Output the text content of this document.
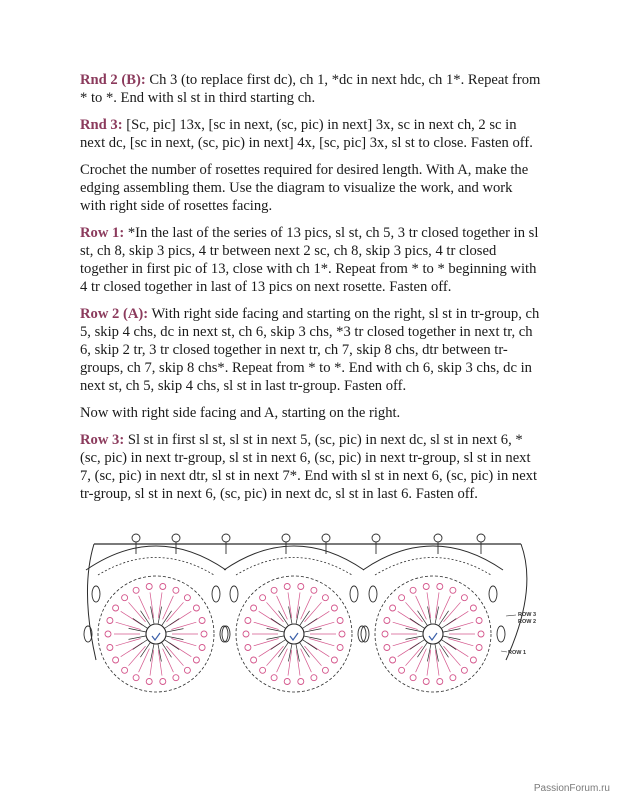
Rnd 2 (B): Ch 3 (to replace first dc), ch 1, *dc in next hdc, ch 1*. Repeat from * to *. End with sl st in third starting ch.

Rnd 3: [Sc, pic] 13x, [sc in next, (sc, pic) in next] 3x, sc in next ch, 2 sc in next dc, [sc in next, (sc, pic) in next] 4x, [sc, pic] 3x, sl st to close. Fasten off.

Crochet the number of rosettes required for desired length. With A, make the edging assembling them. Use the diagram to visualize the work, and work with right side of rosettes facing.

Row 1: *In the last of the series of 13 pics, sl st, ch 5, 3 tr closed together in sl st, ch 8, skip 3 pics, 4 tr between next 2 sc, ch 8, skip 3 pics, 4 tr closed together in first pic of 13, close with ch 1*. Repeat from * to * beginning with 4 tr closed together in last of 13 pics on next rosette. Fasten off.

Row 2 (A): With right side facing and starting on the right, sl st in tr-group, ch 5, skip 4 chs, dc in next st, ch 6, skip 3 chs, *3 tr closed together in next tr, ch 6, skip 2 tr, 3 tr closed together in next tr, ch 7, skip 8 chs, dtr between tr-groups, ch 7, skip 8 chs*. Repeat from * to *. End with ch 6, skip 3 chs, dc in next st, ch 5, skip 4 chs, sl st in last tr-group. Fasten off.

Now with right side facing and A, starting on the right.

Row 3: Sl st in first sl st, sl st in next 5, (sc, pic) in next dc, sl st in next 6, * (sc, pic) in next tr-group, sl st in next 6, (sc, pic) in next tr-group, sl st in next 7, (sc, pic) in next dtr, sl st in next 7*. End with sl st in next 6, (sc, pic) in next tr-group, sl st in next 6, (sc, pic) in next dc, sl st in last 6. Fasten off.

ROW 3
ROW 2
ROW 1
PassionForum.ru
